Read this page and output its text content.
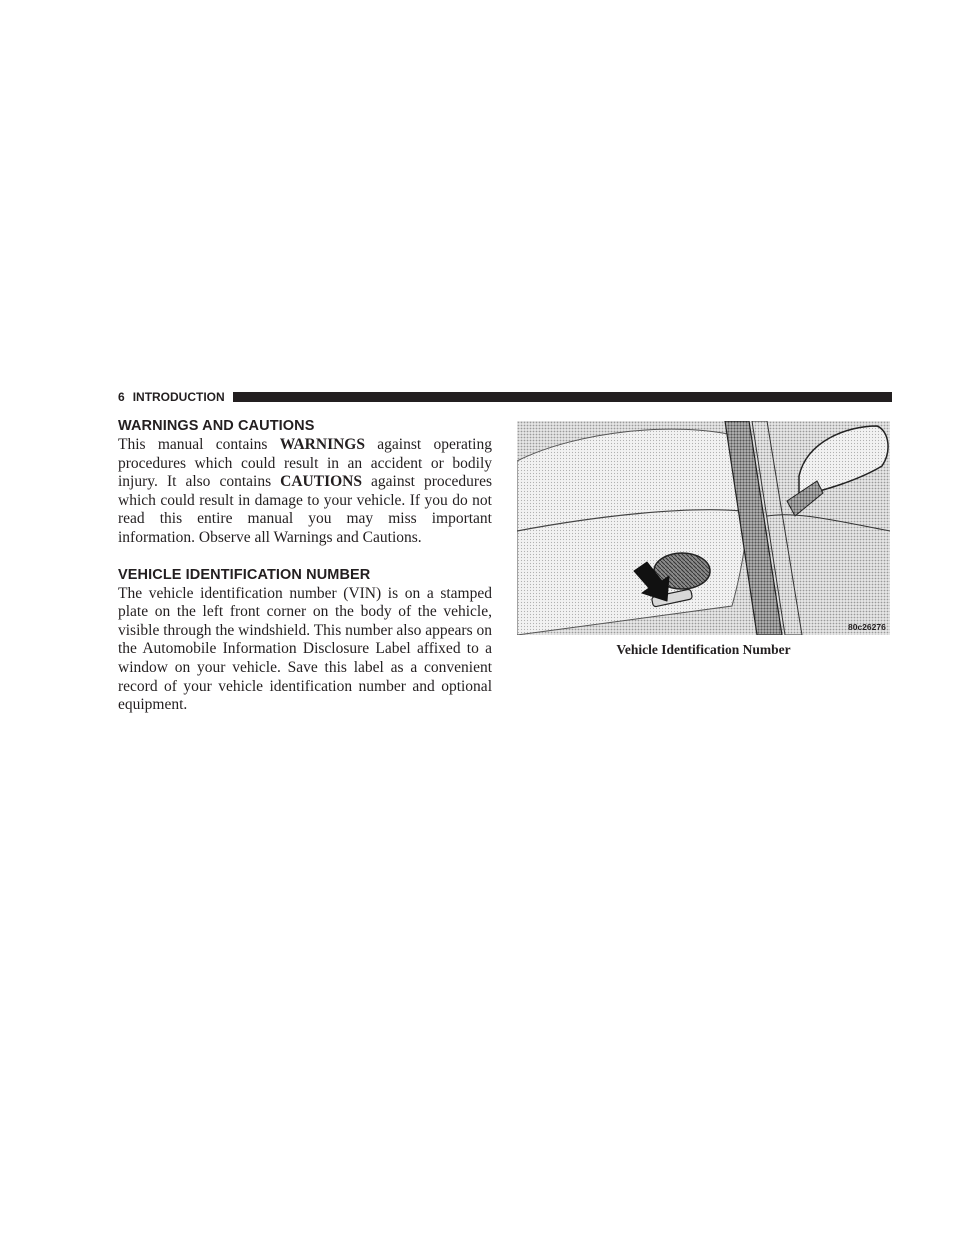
6 INTRODUCTION
WARNINGS AND CAUTIONS

This manual contains WARNINGS against operating procedures which could result in an accident or bodily injury. It also contains CAUTIONS against procedures which could result in damage to your vehicle. If you do not read this entire manual you may miss important information. Observe all Warnings and Cautions.

VEHICLE IDENTIFICATION NUMBER

The vehicle identification number (VIN) is on a stamped plate on the left front corner on the body of the vehicle, visible through the windshield. This number also appears on the Automobile Information Disclosure Label affixed to a window on your vehicle. Save this label as a convenient record of your vehicle identification number and optional equipment.

80c26276
Vehicle Identification Number
